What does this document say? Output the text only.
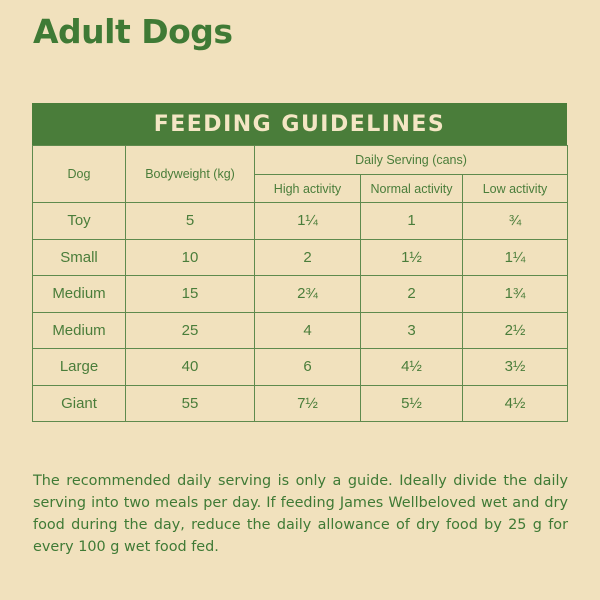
Adult Dogs
FEEDING GUIDELINES
Dog	Bodyweight (kg)	Daily Serving (cans)		
		High activity	Normal activity	Low activity
Toy	5	1¼	1	¾
Small	10	2	1½	1¼
Medium	15	2¾	2	1¾
Medium	25	4	3	2½
Large	40	6	4½	3½
Giant	55	7½	5½	4½

The recommended daily serving is only a guide. Ideally divide the daily serving into two meals per day. If feeding James Wellbeloved wet and dry food during the day, reduce the daily allowance of dry food by 25 g for every 100 g wet food fed.
